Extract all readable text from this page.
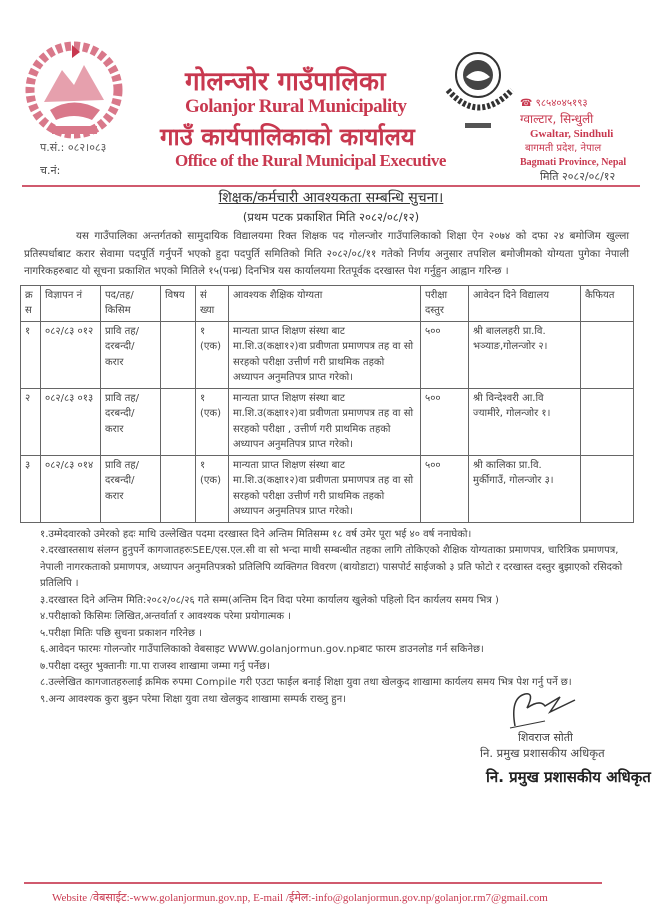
प.सं.: ०८२।०८३
च.नं:
गोलन्जोर गाउँपालिका
Golanjor Rural Municipality
गाउँ कार्यपालिकाको कार्यालय
Office of the Rural Municipal Executive
☎ ९८५४०४५१९३
ग्वाल्टार, सिन्धुली
Gwaltar, Sindhuli
बागमती प्रदेश, नेपाल
Bagmati Province, Nepal
मिति २०८२/०८/१२
शिक्षक/कर्मचारी आवश्यकता सम्बन्धि सुचना।
(प्रथम पटक प्रकाशित मिति २०८२/०८/१२)
यस गाउँपालिका अन्तर्गतको सामुदायिक विद्यालयमा रिक्त शिक्षक पद गोलन्जोर गाउँपालिकाको शिक्षा ऐन २०७४ को दफा २४ बमोजिम खुल्ला प्रतिस्पर्धाबाट करार सेवामा पदपूर्ति गर्नुपर्ने भएको हुदा पदपुर्ति समितिको मिति २०८२/०८/११ गतेको निर्णय अनुसार तपशिल बमोजीमको योग्यता पुगेका नेपाली नागरिकहरुबाट यो सूचना प्रकाशित भएको मितिले १५(पन्ध्र) दिनभित्र यस कार्यालयमा रितपूर्वक दरखास्त पेश गर्नुहुन आह्वान गरिन्छ ।
क्र स	विज्ञापन नं	पद/तह/ किसिम	विषय	सं ख्या	आवश्यक शैक्षिक योग्यता	परीक्षा दस्तुर	आवेदन दिने विद्यालय	कैफियत
१	०८२/८३ ०१२	प्रावि तह/ दरबन्दी/ करार		१ (एक)	मान्यता प्राप्त शिक्षण संस्था बाट मा.शि.उ(कक्षा१२)वा प्रवीणता प्रमाणपत्र तह वा सो सरहको परीक्षा उत्तीर्ण गरी प्राथमिक तहको अध्यापन अनुमतिपत्र प्राप्त गरेको।	५००	श्री बाललहरी प्रा.वि. भञ्याङ,गोलन्जोर २।	
२	०८२/८३ ०१३	प्रावि तह/ दरबन्दी/ करार		१ (एक)	मान्यता प्राप्त शिक्षण संस्था बाट मा.शि.उ(कक्षा१२)वा प्रवीणता प्रमाणपत्र तह वा सो सरहको परीक्षा , उत्तीर्ण गरी प्राथमिक तहको अध्यापन अनुमतिपत्र प्राप्त गरेको।	५००	श्री विन्देश्वरी आ.वि ज्यामीरे, गोलन्जोर १।	
३	०८२/८३ ०१४	प्रावि तह/ दरबन्दी/ करार		१ (एक)	मान्यता प्राप्त शिक्षण संस्था बाट मा.शि.उ(कक्षा१२)वा प्रवीणता प्रमाणपत्र तह वा सो सरहको परीक्षा उत्तीर्ण गरी प्राथमिक तहको अध्यापन अनुमतिपत्र प्राप्त गरेको।	५००	श्री कालिका प्रा.वि. मुर्कीगाउँ, गोलन्जोर ३।	
१.उम्मेदवारको उमेरको हदः माथि उल्लेखित पदमा दरखास्त दिने अन्तिम मितिसम्म १८ वर्ष उमेर पूरा भई ४० वर्ष ननाघेको।
२.दरखास्तसाथ संलग्न हुनुपर्ने कागजातहरुःSEE/एस.एल.सी वा सो भन्दा माथी सम्बन्धीत तहका लागि तोकिएको शैक्षिक योग्यताका प्रमाणपत्र, चारित्रिक प्रमाणपत्र, नेपाली नागरकताको प्रमाणपत्र, अध्यापन अनुमतिपत्रको प्रतिलिपि व्यक्तिगत विवरण (बायोडाटा) पासपोर्ट साईजको ३ प्रति फोटो र दरखास्त दस्तुर बुझाएको रसिदको प्रतिलिपि ।
३.दरखास्त दिने अन्तिम मिति:२०८२/०८/२६ गते सम्म(अन्तिम दिन विदा परेमा कार्यालय खुलेको पहिलो दिन कार्यलय समय भित्र )
४.परीक्षाको किसिमः लिखित,अन्तर्वार्ता र आवश्यक परेमा प्रयोगात्मक ।
५.परीक्षा मितिः पछि सुचना प्रकाशन गरिनेछ ।
६.आवेदन फारमः गोलन्जोर गाउँपालिकाको वेबसाइट WWW.golanjormun.gov.npबाट फारम डाउनलोड गर्न सकिनेछ।
७.परीक्षा दस्तुर भुक्तानीः गा.पा राजस्व शाखामा जम्मा गर्नु पर्नेछ।
८.उल्लेखित कागजातहरुलाई क्रमिक रुपमा Compile गरी एउटा फाईल बनाई शिक्षा युवा तथा खेलकुद शाखामा कार्यलय समय भित्र पेश गर्नु पर्ने छ।
९.अन्य आवश्यक कुरा बुझ्न परेमा शिक्षा युवा तथा खेलकुद शाखामा सम्पर्क राख्नु हुन।
शिवराज सोती
नि. प्रमुख प्रशासकीय अधिकृत
नि. प्रमुख प्रशासकीय अधिकृत
Website /वेबसाईट:-www.golanjormun.gov.np, E-mail /ईमेल:-info@golanjormun.gov.np/golanjor.rm7@gmail.com
